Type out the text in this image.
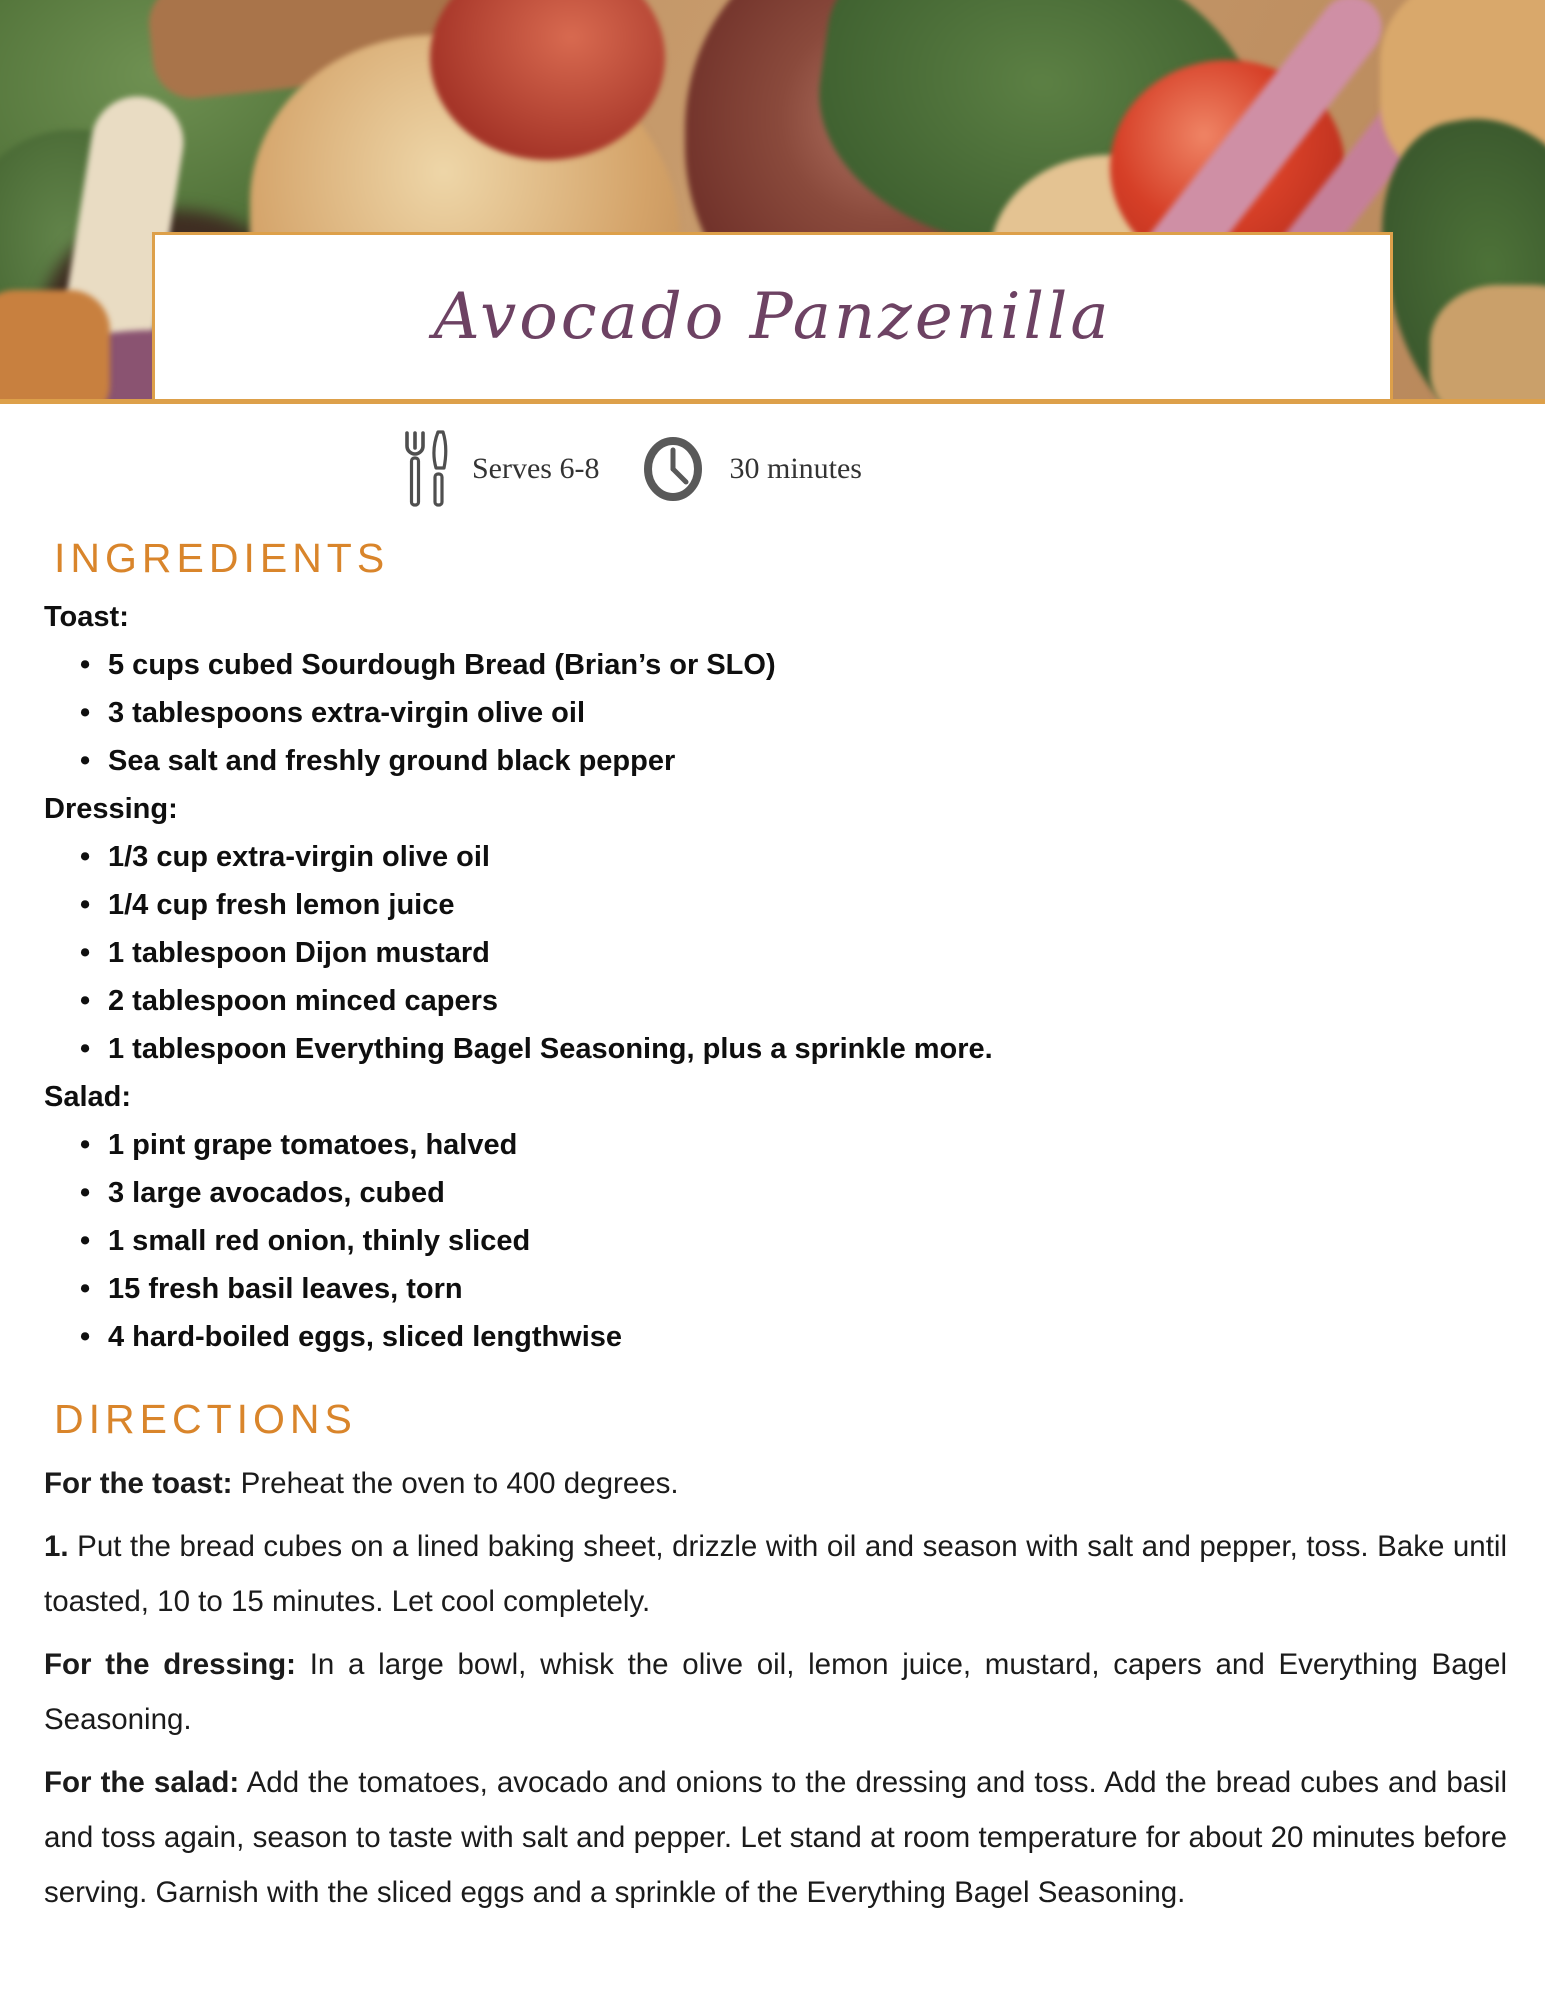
Avocado Panzenilla
Serves 6-8	30 minutes
INGREDIENTS
Toast:
• 5 cups cubed Sourdough Bread (Brian’s or SLO)
• 3 tablespoons extra-virgin olive oil
• Sea salt and freshly ground black pepper
Dressing:
• 1/3 cup extra-virgin olive oil
• 1/4 cup fresh lemon juice
• 1 tablespoon Dijon mustard
• 2 tablespoon minced capers
• 1 tablespoon Everything Bagel Seasoning, plus a sprinkle more.
Salad:
• 1 pint grape tomatoes, halved
• 3 large avocados, cubed
• 1 small red onion, thinly sliced
• 15 fresh basil leaves, torn
• 4 hard-boiled eggs, sliced lengthwise
DIRECTIONS

For the toast: Preheat the oven to 400 degrees.

1. Put the bread cubes on a lined baking sheet, drizzle with oil and season with salt and pepper, toss. Bake until toasted, 10 to 15 minutes. Let cool completely.

For the dressing: In a large bowl, whisk the olive oil, lemon juice, mustard, capers and Everything Bagel Seasoning.

For the salad: Add the tomatoes, avocado and onions to the dressing and toss. Add the bread cubes and basil and toss again, season to taste with salt and pepper. Let stand at room temperature for about 20 minutes before serving. Garnish with the sliced eggs and a sprinkle of the Everything Bagel Seasoning.
